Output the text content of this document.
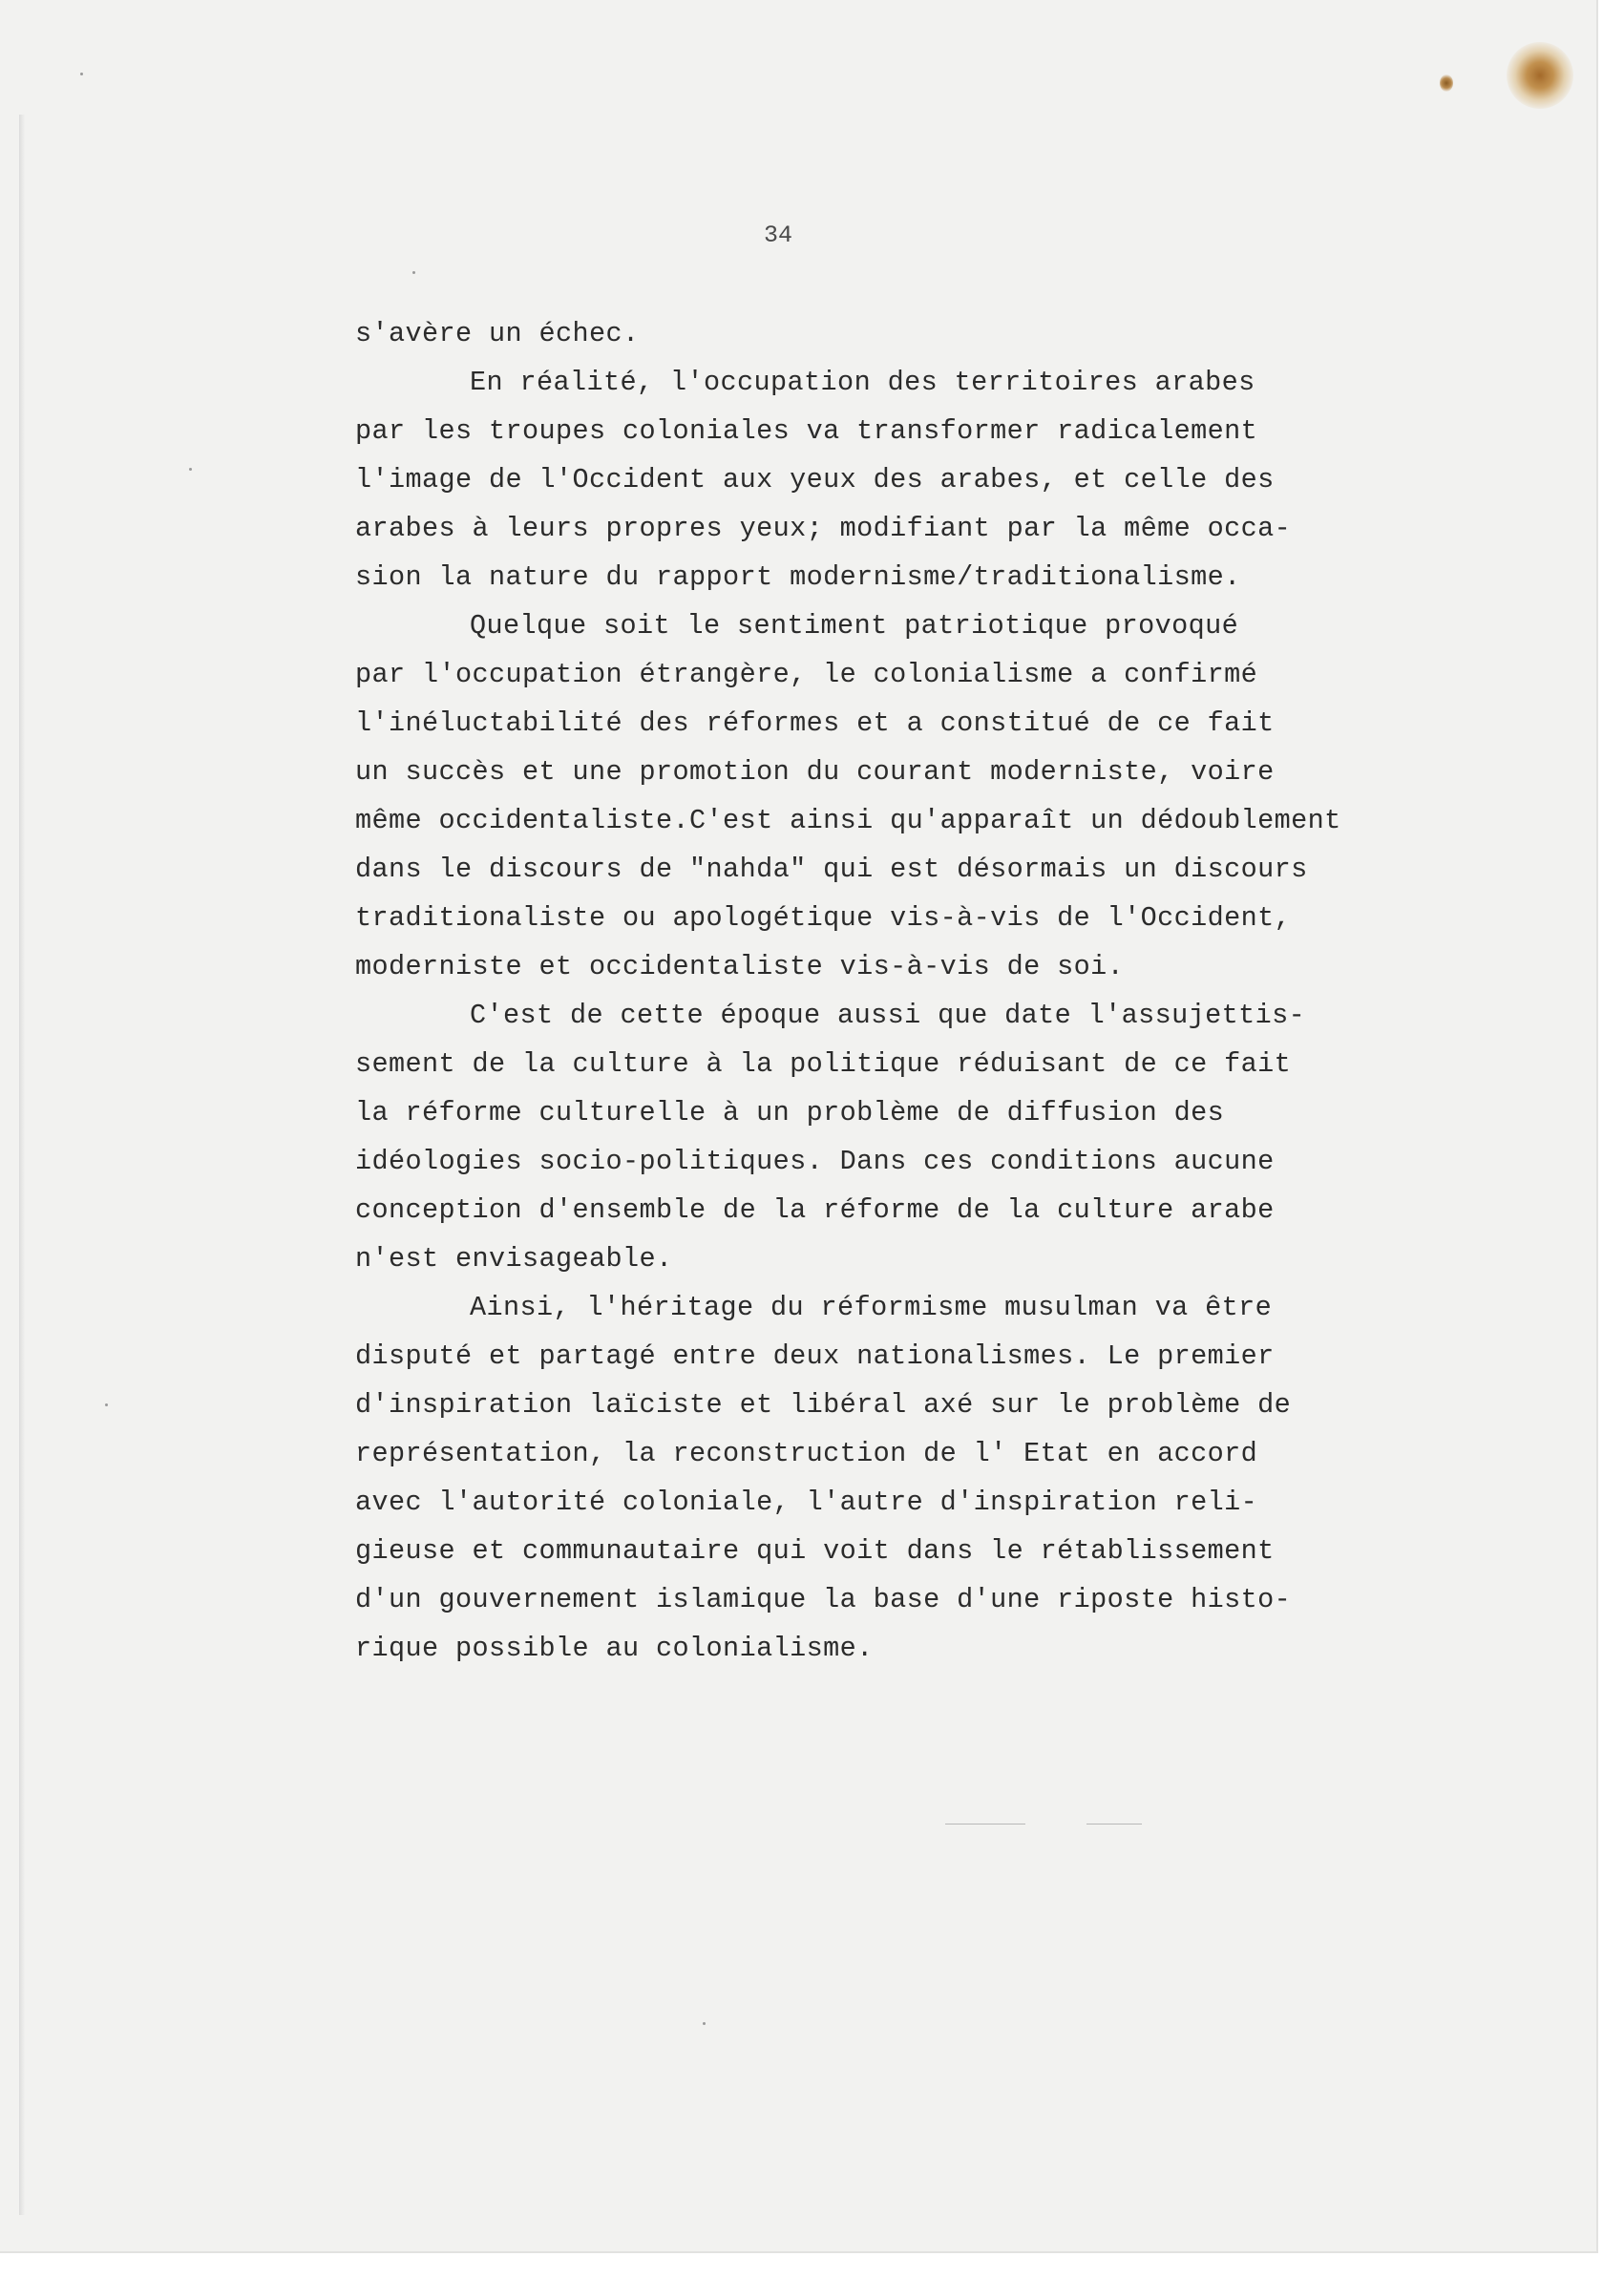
34
s'avère un échec.
En réalité, l'occupation des territoires arabes
par les troupes coloniales va transformer radicalement
l'image de l'Occident aux yeux des arabes, et celle des
arabes à leurs propres yeux; modifiant par la même occa-
sion la nature du rapport modernisme/traditionalisme.
Quelque soit le sentiment patriotique provoqué
par l'occupation étrangère, le colonialisme a confirmé
l'inéluctabilité des réformes et a constitué de ce fait
un succès et une promotion du courant moderniste, voire
même occidentaliste.C'est ainsi qu'apparaît un dédoublement
dans le discours de "nahda" qui est désormais un discours
traditionaliste ou apologétique vis-à-vis de l'Occident,
moderniste et occidentaliste vis-à-vis de soi.
C'est de cette époque aussi que date l'assujettis-
sement de la culture à la politique réduisant de ce fait
la réforme culturelle à un problème de diffusion des
idéologies socio-politiques. Dans ces conditions aucune
conception d'ensemble de la réforme de la culture arabe
n'est envisageable.
Ainsi, l'héritage du réformisme musulman va être
disputé et partagé entre deux nationalismes. Le premier
d'inspiration laïciste et libéral axé sur le problème de
représentation, la reconstruction de l' Etat en accord
avec l'autorité coloniale, l'autre d'inspiration reli-
gieuse et communautaire qui voit dans le rétablissement
d'un gouvernement islamique la base d'une riposte histo-
rique possible au colonialisme.
